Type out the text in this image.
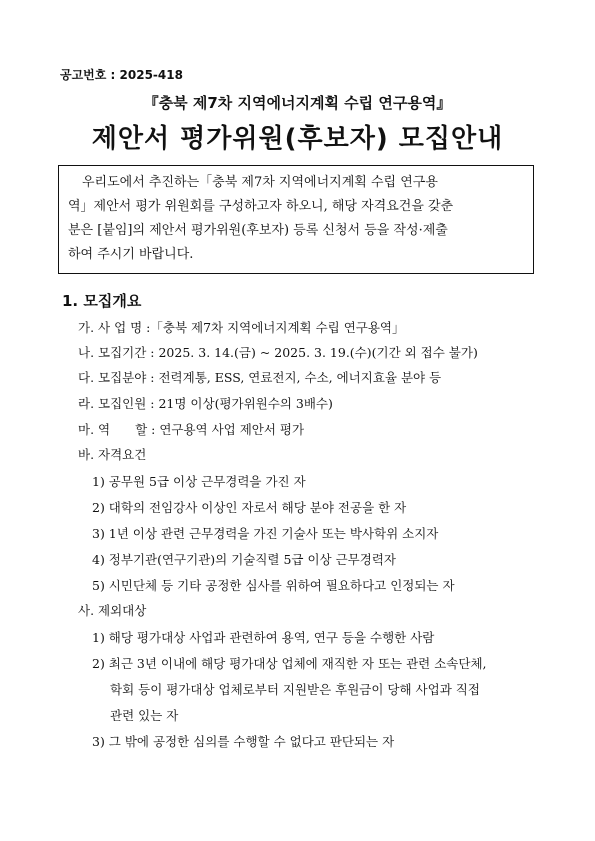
공고번호 : 2025-418
『충북 제7차 지역에너지계획 수립 연구용역』
제안서 평가위원(후보자) 모집안내
우리도에서 추진하는「충북 제7차 지역에너지계획 수립 연구용
역」제안서 평가 위원회를 구성하고자 하오니, 해당 자격요건을 갖춘
분은 [붙임]의 제안서 평가위원(후보자) 등록 신청서 등을 작성·제출
하여 주시기 바랍니다.
1. 모집개요
가. 사 업 명 :「충북 제7차 지역에너지계획 수립 연구용역」
나. 모집기간 : 2025. 3. 14.(금) ~ 2025. 3. 19.(수)(기간 외 접수 불가)
다. 모집분야 : 전력계통, ESS, 연료전지, 수소, 에너지효율 분야 등
라. 모집인원 : 21명 이상(평가위원수의 3배수)
마. 역　　할 : 연구용역 사업 제안서 평가
바. 자격요건
1) 공무원 5급 이상 근무경력을 가진 자
2) 대학의 전임강사 이상인 자로서 해당 분야 전공을 한 자
3) 1년 이상 관련 근무경력을 가진 기술사 또는 박사학위 소지자
4) 정부기관(연구기관)의 기술직렬 5급 이상 근무경력자
5) 시민단체 등 기타 공정한 심사를 위하여 필요하다고 인정되는 자
사. 제외대상
1) 해당 평가대상 사업과 관련하여 용역, 연구 등을 수행한 사람
2) 최근 3년 이내에 해당 평가대상 업체에 재직한 자 또는 관련 소속단체,
학회 등이 평가대상 업체로부터 지원받은 후원금이 당해 사업과 직접
관련 있는 자
3) 그 밖에 공정한 심의를 수행할 수 없다고 판단되는 자
